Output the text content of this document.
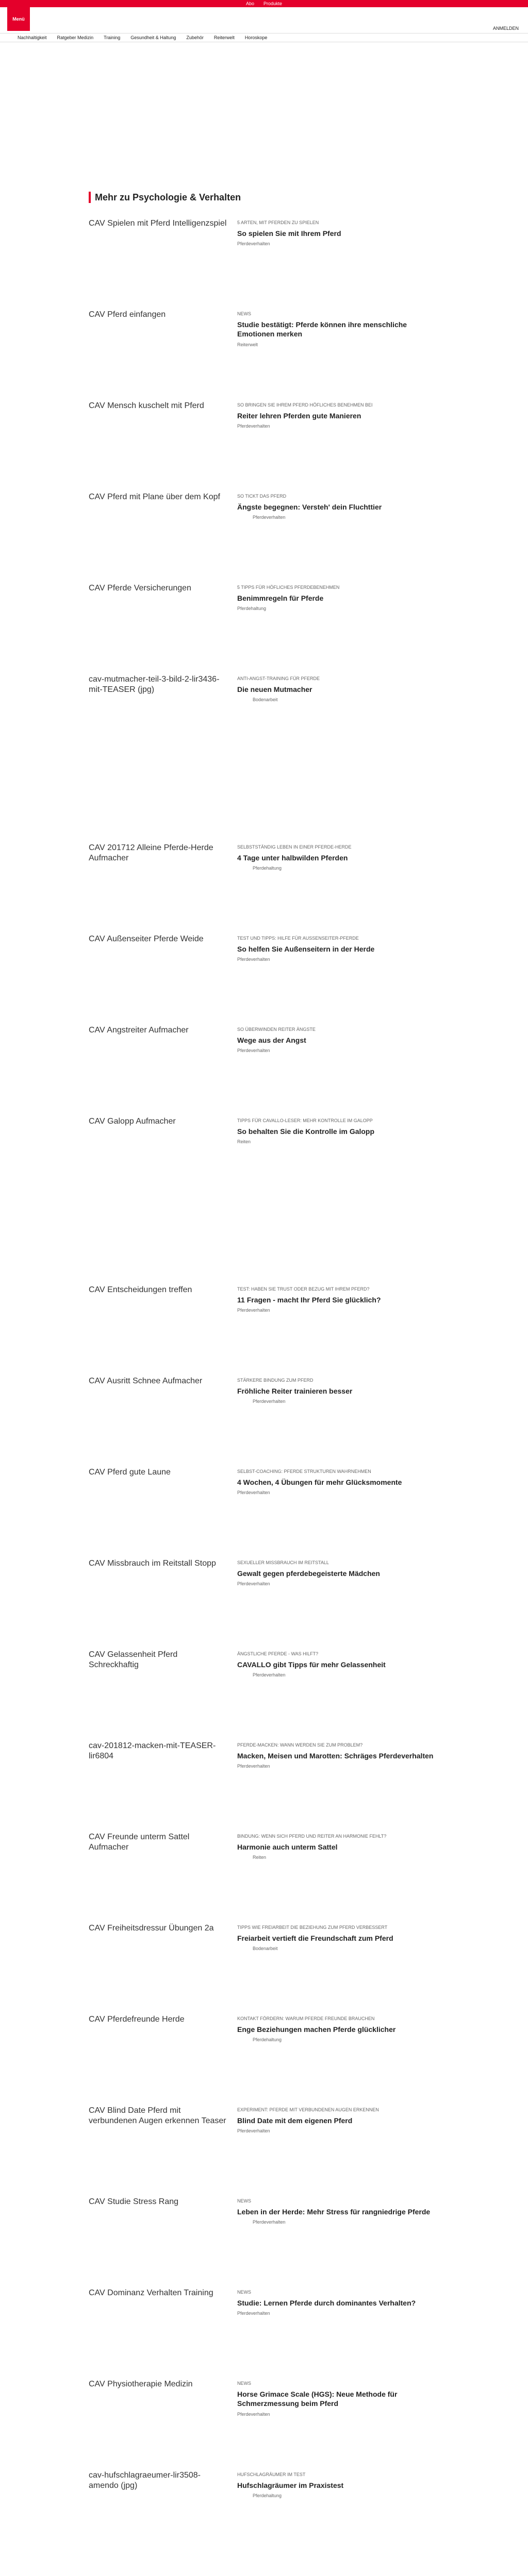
Abo Produkte
Menü
ANMELDEN
Nachhaltigkeit	Ratgeber Medizin	Training	Gesundheit & Haltung	Zubehör	Reiterwelt	Horoskope
Mehr zu Psychologie & Verhalten
CAV Spielen mit Pferd Intelligenzspiel 5 ARTEN, MIT PFERDEN ZU SPIELEN
So spielen Sie mit Ihrem Pferd
Pferdeverhalten
CAV Pferd einfangen	NEWS
Studie bestätigt: Pferde können ihre menschliche Emotionen merken
Reiterwelt
CAV Mensch kuschelt mit Pferd	SO BRINGEN SIE IHREM PFERD HÖFLICHES BENEHMEN BEI
Reiter lehren Pferden gute Manieren
Pferdeverhalten
CAV Pferd mit Plane über dem Kopf	SO TICKT DAS PFERD
Ängste begegnen: Versteh' dein Fluchttier
Pferdeverhalten
CAV Pferde Versicherungen	5 TIPPS FÜR HÖFLICHES PFERDEBENEHMEN
Benimmregeln für Pferde
Pferdehaltung
cav-mutmacher-teil-3-bild-2-lir3436-mit-TEASER (jpg)
ANTI-ANGST-TRAINING FÜR PFERDE
Die neuen Mutmacher
Bodenarbeit
CAV 201712 Alleine Pferde-Herde Aufmacher
SELBSTSTÄNDIG LEBEN IN EINER PFERDE-HERDE
4 Tage unter halbwilden Pferden
Pferdehaltung
CAV Außenseiter Pferde Weide	TEST UND TIPPS: HILFE FÜR AUSSENSEITER-PFERDE
So helfen Sie Außenseitern in der Herde
Pferdeverhalten
CAV Angstreiter Aufmacher	SO ÜBERWINDEN REITER ÄNGSTE
Wege aus der Angst
Pferdeverhalten
CAV Galopp Aufmacher	TIPPS FÜR CAVALLO-LESER: MEHR KONTROLLE IM GALOPP
So behalten Sie die Kontrolle im Galopp
Reiten
CAV Entscheidungen treffen	TEST: HABEN SIE TRUST ODER BEZUG MIT IHREM PFERD?
11 Fragen - macht Ihr Pferd Sie glücklich?
Pferdeverhalten
CAV Ausritt Schnee Aufmacher	STÄRKERE BINDUNG ZUM PFERD
Fröhliche Reiter trainieren besser
Pferdeverhalten
CAV Pferd gute Laune	SELBST-COACHING: PFERDE STRUKTUREN WAHRNEHMEN
4 Wochen, 4 Übungen für mehr Glücksmomente
Pferdeverhalten
CAV Missbrauch im Reitstall Stopp	SEXUELLER MISSBRAUCH IM REITSTALL
Gewalt gegen pferdebegeisterte Mädchen
Pferdeverhalten
CAV Gelassenheit Pferd Schreckhaftig
ÄNGSTLICHE PFERDE - WAS HILFT?
CAVALLO gibt Tipps für mehr Gelassenheit
Pferdeverhalten
cav-201812-macken-mit-TEASER-lir6804
PFERDE-MACKEN: WANN WERDEN SIE ZUM PROBLEM?
Macken, Meisen und Marotten: Schräges Pferdeverhalten
Pferdeverhalten
CAV Freunde unterm Sattel Aufmacher
BINDUNG: WENN SICH PFERD UND REITER AN HARMONIE FEHLT?
Harmonie auch unterm Sattel
Reiten
CAV Freiheitsdressur Übungen 2a	TIPPS WIE FREIARBEIT DIE BEZIEHUNG ZUM PFERD VERBESSERT
Freiarbeit vertieft die Freundschaft zum Pferd
Bodenarbeit
CAV Pferdefreunde Herde	KONTAKT FÖRDERN: WARUM PFERDE FREUNDE BRAUCHEN
Enge Beziehungen machen Pferde glücklicher
Pferdehaltung
CAV Blind Date Pferd mit verbundenen Augen erkennen Teaser
EXPERIMENT: PFERDE MIT VERBUNDENEN AUGEN ERKENNEN
Blind Date mit dem eigenen Pferd
Pferdeverhalten
CAV Studie Stress Rang	NEWS
Leben in der Herde: Mehr Stress für rangniedrige Pferde
Pferdeverhalten
CAV Dominanz Verhalten Training	NEWS
Studie: Lernen Pferde durch dominantes Verhalten?
Pferdeverhalten
CAV Physiotherapie Medizin	NEWS
Horse Grimace Scale (HGS): Neue Methode für Schmerzmessung beim Pferd
Pferdeverhalten
cav-hufschlagraeumer-lir3508-amendo (jpg)
HUFSCHLAGRÄUMER IM TEST
Hufschlagräumer im Praxistest
Pferdehaltung
